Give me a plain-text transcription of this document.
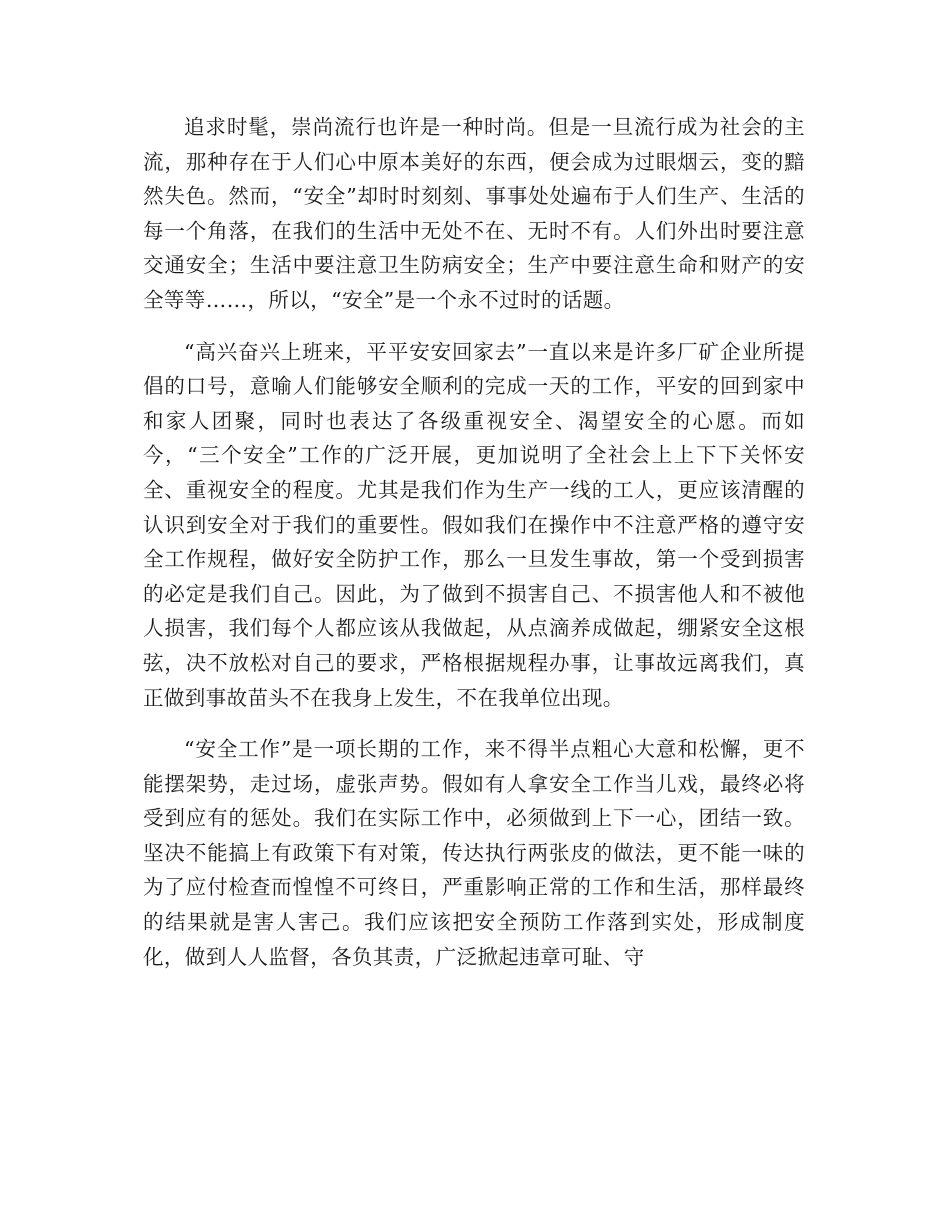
追求时髦，崇尚流行也许是一种时尚。但是一旦流行成为社会的主流，那种存在于人们心中原本美好的东西，便会成为过眼烟云，变的黯然失色。然而，“安全”却时时刻刻、事事处处遍布于人们生产、生活的每一个角落，在我们的生活中无处不在、无时不有。人们外出时要注意交通安全；生活中要注意卫生防病安全；生产中要注意生命和财产的安全等等……，所以，“安全”是一个永不过时的话题。

“高兴奋兴上班来，平平安安回家去”一直以来是许多厂矿企业所提倡的口号，意喻人们能够安全顺利的完成一天的工作，平安的回到家中和家人团聚，同时也表达了各级重视安全、渴望安全的心愿。而如今，“三个安全”工作的广泛开展，更加说明了全社会上上下下关怀安全、重视安全的程度。尤其是我们作为生产一线的工人，更应该清醒的认识到安全对于我们的重要性。假如我们在操作中不注意严格的遵守安全工作规程，做好安全防护工作，那么一旦发生事故，第一个受到损害的必定是我们自己。因此，为了做到不损害自己、不损害他人和不被他人损害，我们每个人都应该从我做起，从点滴养成做起，绷紧安全这根弦，决不放松对自己的要求，严格根据规程办事，让事故远离我们，真正做到事故苗头不在我身上发生，不在我单位出现。

“安全工作”是一项长期的工作，来不得半点粗心大意和松懈，更不能摆架势，走过场，虚张声势。假如有人拿安全工作当儿戏，最终必将受到应有的惩处。我们在实际工作中，必须做到上下一心，团结一致。坚决不能搞上有政策下有对策，传达执行两张皮的做法，更不能一味的为了应付检查而惶惶不可终日，严重影响正常的工作和生活，那样最终的结果就是害人害己。我们应该把安全预防工作落到实处，形成制度化，做到人人监督，各负其责，广泛掀起违章可耻、守
